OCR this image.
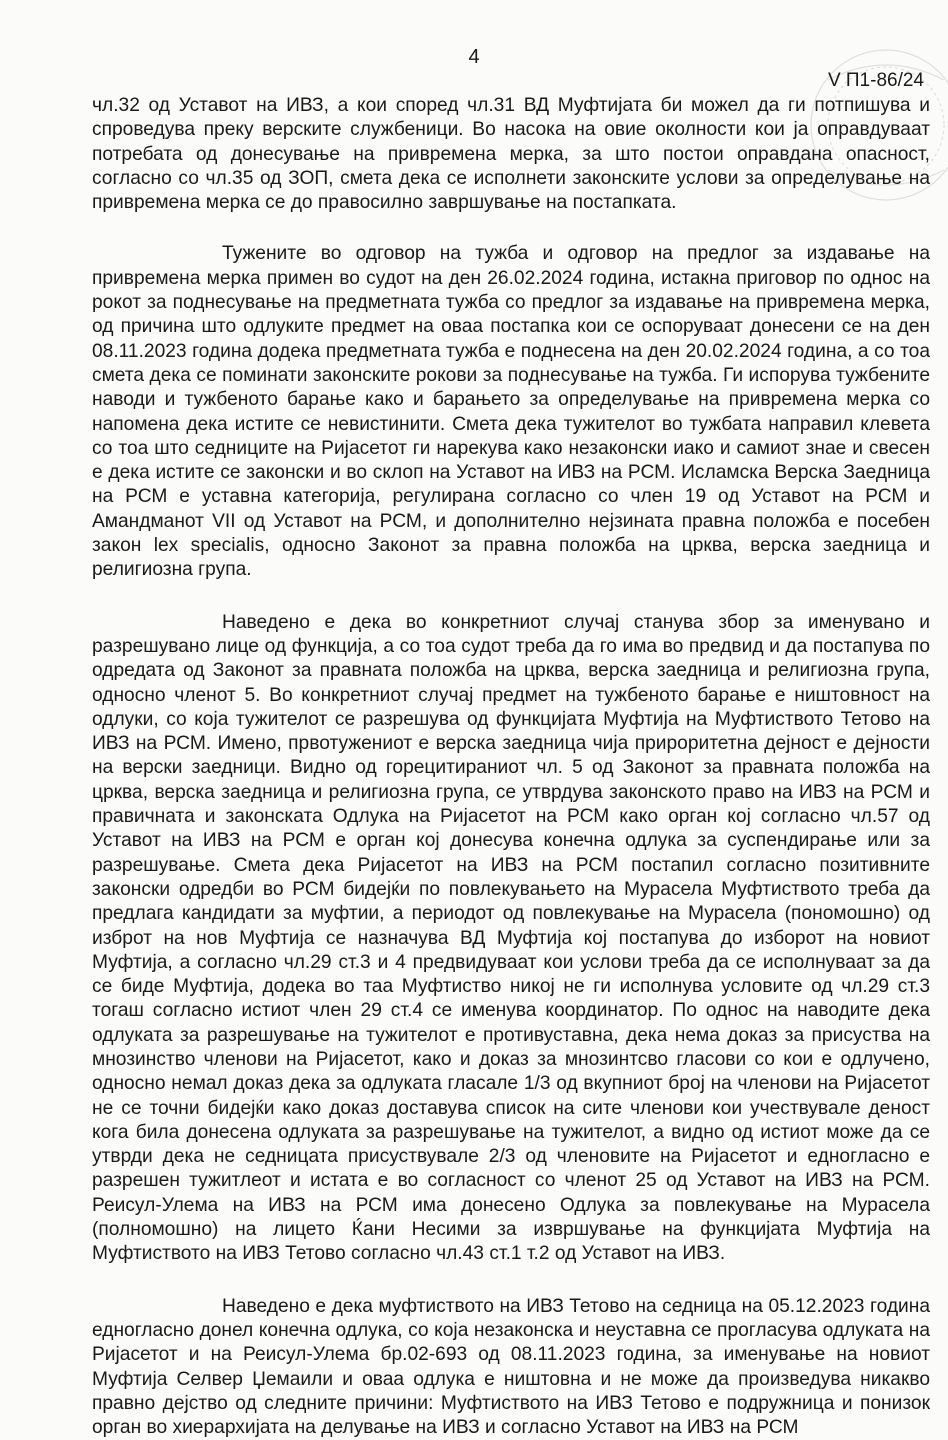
4
V П1-86/24

чл.32 од Уставот на ИВЗ, а кои според чл.31 ВД Муфтијата би можел да ги потпишува и спроведува преку верските службеници. Во насока на овие околности кои ја оправдуваат потребата од донесување на привремена мерка, за што постои оправдана опасност, согласно со чл.35 од ЗОП, смета дека се исполнети законските услови за определување на привремена мерка се до правосилно завршување на постапката.

Тужените во одговор на тужба и одговор на предлог за издавање на привремена мерка примен во судот на ден 26.02.2024 година, истакна приговор по однос на рокот за поднесување на предметната тужба со предлог за издавање на привремена мерка, од причина што одлуките предмет на оваа постапка кои се оспоруваат донесени се на ден 08.11.2023 година додека предметната тужба е поднесена на ден 20.02.2024 година, а со тоа смета дека се поминати законските рокови за поднесување на тужба. Ги испорува тужбените наводи и тужбеното барање како и барањето за определување на привремена мерка со напомена дека истите се невистинити. Смета дека тужителот во тужбата направил клевета со тоа што седниците на Ријасетот ги нарекува како незаконски иако и самиот знае и свесен е дека истите се законски и во склоп на Уставот на ИВЗ на РСМ. Исламска Верска Заедница на РСМ е уставна категорија, регулирана согласно со член 19 од Уставот на РСМ и Амандманот VII од Уставот на РСМ, и дополнително нејзината правна положба е посебен закон lex specialis, односно Законот за правна положба на црква, верска заедница и религиозна група.

Наведено е дека во конкретниот случај станува збор за именувано и разрешувано лице од функција, а со тоа судот треба да го има во предвид и да постапува по одредата од Законот за правната положба на црква, верска заедница и религиозна група, односно членот 5. Во конкретниот случај предмет на тужбеното барање е ништовност на одлуки, со која тужителот се разрешува од функцијата Муфтија на Муфтиството Тетово на ИВЗ на РСМ. Имено, првотужениот е верска заедница чија прирoритетна дејност е дејности на верски заедници. Видно од горецитираниот чл. 5 од Законот за правната положба на црква, верска заедница и религиозна група, се утврдува законското право на ИВЗ на РСМ и правичната и законската Одлука на Ријасетот на РСМ како орган кој согласно чл.57 од Уставот на ИВЗ на РСМ е орган кој донесува конечна одлука за суспендирање или за разрешување. Смета дека Ријасетот на ИВЗ на РСМ постапил согласно позитивните законски одредби во РСМ бидејќи по повлекувањето на Мурасела Муфтиството треба да предлага кандидати за муфтии, а периодот од повлекување на Мурасела (пономошно) од изброт на нов Муфтија се назначува ВД Муфтија кој постапува до изборот на новиот Муфтија, а согласно чл.29 ст.3 и 4 предвидуваат кои услови треба да се исполнуваат за да се биде Муфтија, додека во таа Муфтиство никој не ги исполнува условите од чл.29 ст.3 тогаш согласно истиот член 29 ст.4 се именува координатор. По однос на наводите дека одлуката за разрешување на тужителот е противуставна, дека нема доказ за присуства на мнозинство членови на Ријасетот, како и доказ за мнозинтсво гласови со кои е одлучено, односно немал доказ дека за одлуката гласале 1/3 од вкупниот број на членови на Ријасетот не се точни бидејќи како доказ доставува список на сите членови кои учествувале деност кога била донесена одлуката за разрешување на тужителот, а видно од истиот може да се утврди дека не седницата присуствувале 2/3 од членовите на Ријасетот и едногласно е разрешен тужитлеот и истата е во согласност со членот 25 од Уставот на ИВЗ на РСМ. Реисул-Улема на ИВЗ на РСМ има донесено Одлука за повлекување на Мурасела (полномошно) на лицето Ќани Несими за извршување на функцијата Муфтија на Муфтиството на ИВЗ Тетово согласно чл.43 ст.1 т.2 од Уставот на ИВЗ.

Наведено е дека муфтиството на ИВЗ Тетово на седница на 05.12.2023 година едногласно донел конечна одлука, со која незаконска и неуставна се прогласува одлуката на Ријасетот и на Реисул-Улема бр.02-693 од 08.11.2023 година, за именување на новиот Муфтија Селвер Џемаили и оваа одлука е ништовна и не може да произведува никакво правно дејство од следните причини: Муфтиството на ИВЗ Тетово е подружница и понизок орган во хиерархијата на делување на ИВЗ и согласно Уставот на ИВЗ на РСМ
